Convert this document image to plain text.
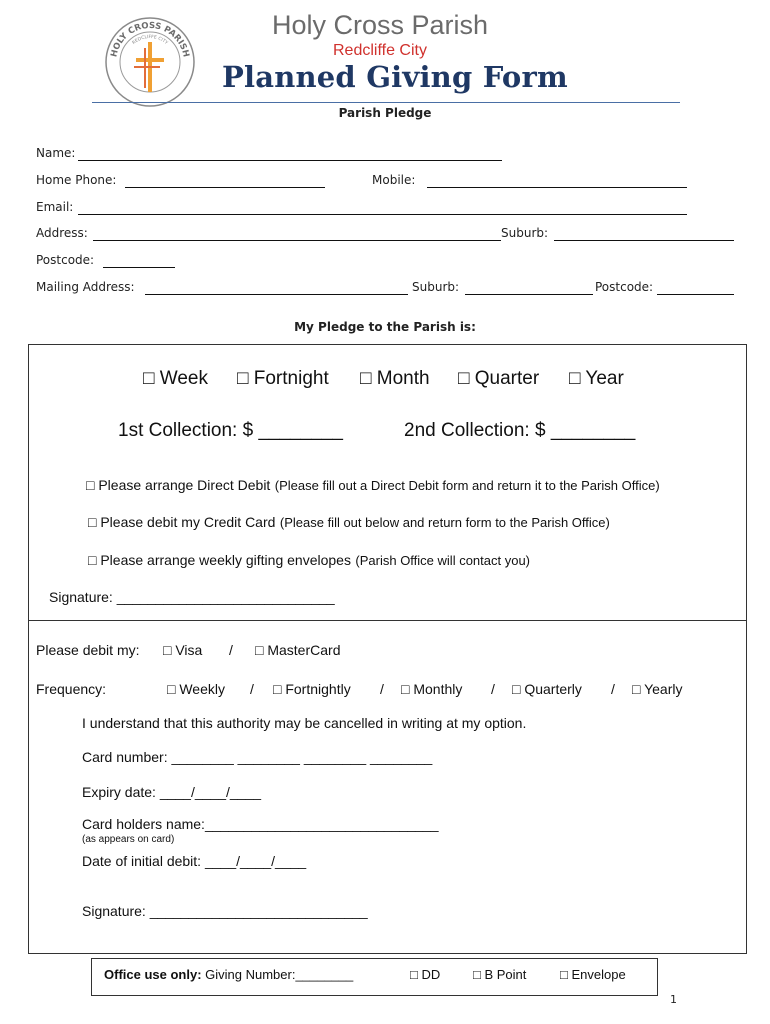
HOLY CROSS PARISH
REDCLIFFE CITY
Holy Cross Parish
Redcliffe City
Planned Giving Form
Parish Pledge
Name:
Home Phone:	Mobile:
Email:
Address:	Suburb:
Postcode:
Mailing Address:	Suburb:	Postcode:
My Pledge to the Parish is:
□ Week □ Fortnight □ Month □ Quarter □ Year
1st Collection: $ ________	2nd Collection: $ ________
□ Please arrange Direct Debit (Please fill out a Direct Debit form and return it to the Parish Office)
□ Please debit my Credit Card (Please fill out below and return form to the Parish Office)
□ Please arrange weekly gifting envelopes (Parish Office will contact you)
Signature: ____________________________
Please debit my: □ Visa / □ MasterCard
Frequency:	□ Weekly / □ Fortnightly / □ Monthly / □ Quarterly / □ Yearly
I understand that this authority may be cancelled in writing at my option.
Card number: ________ ________ ________ ________
Expiry date: ____/____/____
Card holders name:______________________________
(as appears on card)
Date of initial debit: ____/____/____
Signature: ____________________________
Office use only: Giving Number:________	□ DD	□ B Point	□ Envelope
1
